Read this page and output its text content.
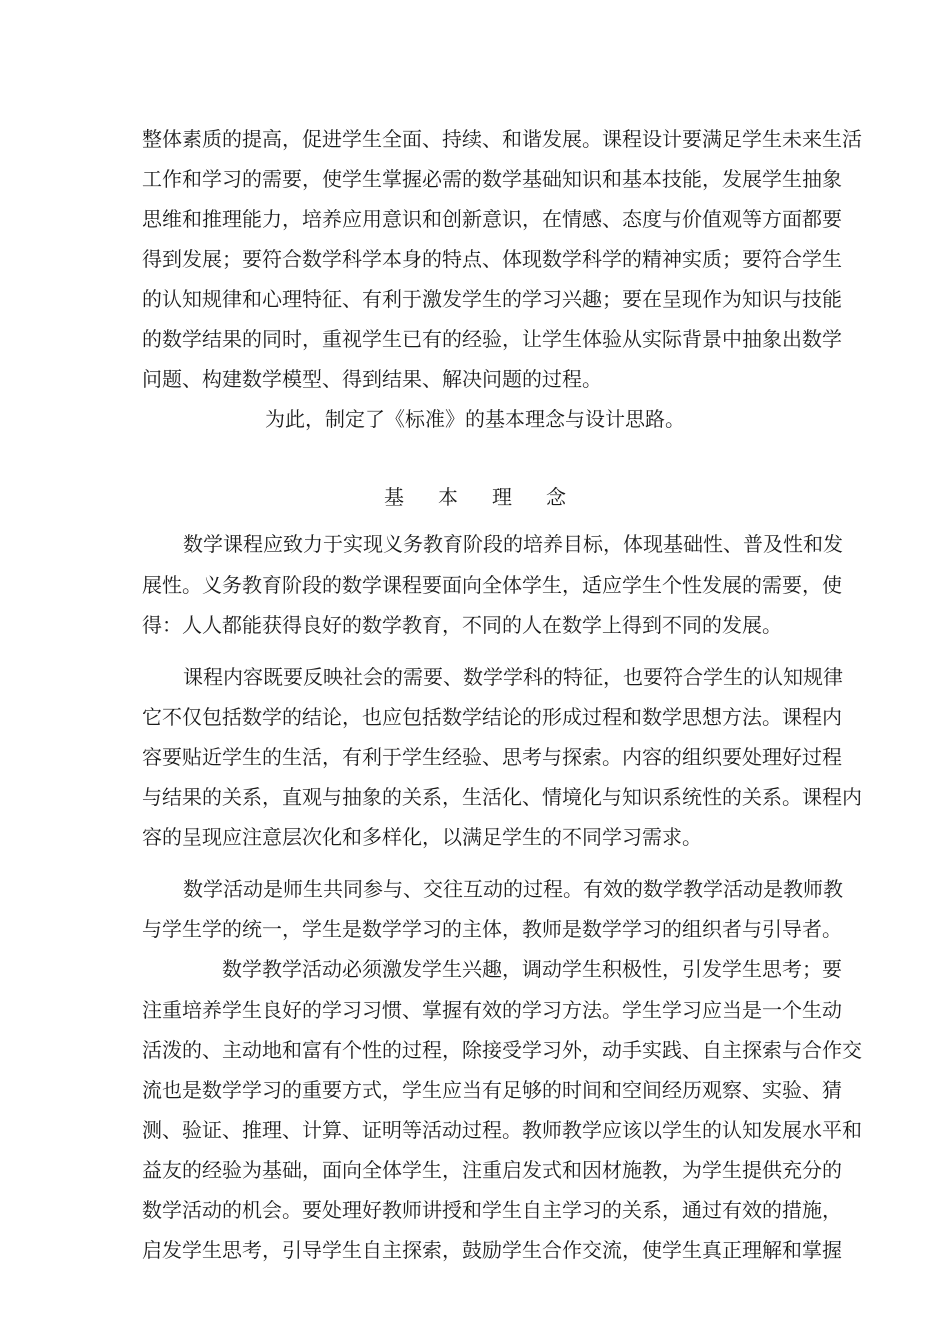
整体素质的提高，促进学生全面、持续、和谐发展。课程设计要满足学生未来生活
工作和学习的需要，使学生掌握必需的数学基础知识和基本技能，发展学生抽象
思维和推理能力，培养应用意识和创新意识，在情感、态度与价值观等方面都要
得到发展；要符合数学科学本身的特点、体现数学科学的精神实质；要符合学生
的认知规律和心理特征、有利于激发学生的学习兴趣；要在呈现作为知识与技能
的数学结果的同时，重视学生已有的经验，让学生体验从实际背景中抽象出数学
问题、构建数学模型、得到结果、解决问题的过程。
为此，制定了《标准》的基本理念与设计思路。
基本理念
数学课程应致力于实现义务教育阶段的培养目标，体现基础性、普及性和发
展性。义务教育阶段的数学课程要面向全体学生，适应学生个性发展的需要，使
得：人人都能获得良好的数学教育，不同的人在数学上得到不同的发展。
课程内容既要反映社会的需要、数学学科的特征，也要符合学生的认知规律
它不仅包括数学的结论，也应包括数学结论的形成过程和数学思想方法。课程内
容要贴近学生的生活，有利于学生经验、思考与探索。内容的组织要处理好过程
与结果的关系，直观与抽象的关系，生活化、情境化与知识系统性的关系。课程内
容的呈现应注意层次化和多样化，以满足学生的不同学习需求。
数学活动是师生共同参与、交往互动的过程。有效的数学教学活动是教师教
与学生学的统一，学生是数学学习的主体，教师是数学学习的组织者与引导者。
数学教学活动必须激发学生兴趣，调动学生积极性，引发学生思考；要
注重培养学生良好的学习习惯、掌握有效的学习方法。学生学习应当是一个生动
活泼的、主动地和富有个性的过程，除接受学习外，动手实践、自主探索与合作交
流也是数学学习的重要方式，学生应当有足够的时间和空间经历观察、实验、猜
测、验证、推理、计算、证明等活动过程。教师教学应该以学生的认知发展水平和
益友的经验为基础，面向全体学生，注重启发式和因材施教，为学生提供充分的
数学活动的机会。要处理好教师讲授和学生自主学习的关系，通过有效的措施，
启发学生思考，引导学生自主探索，鼓励学生合作交流，使学生真正理解和掌握
